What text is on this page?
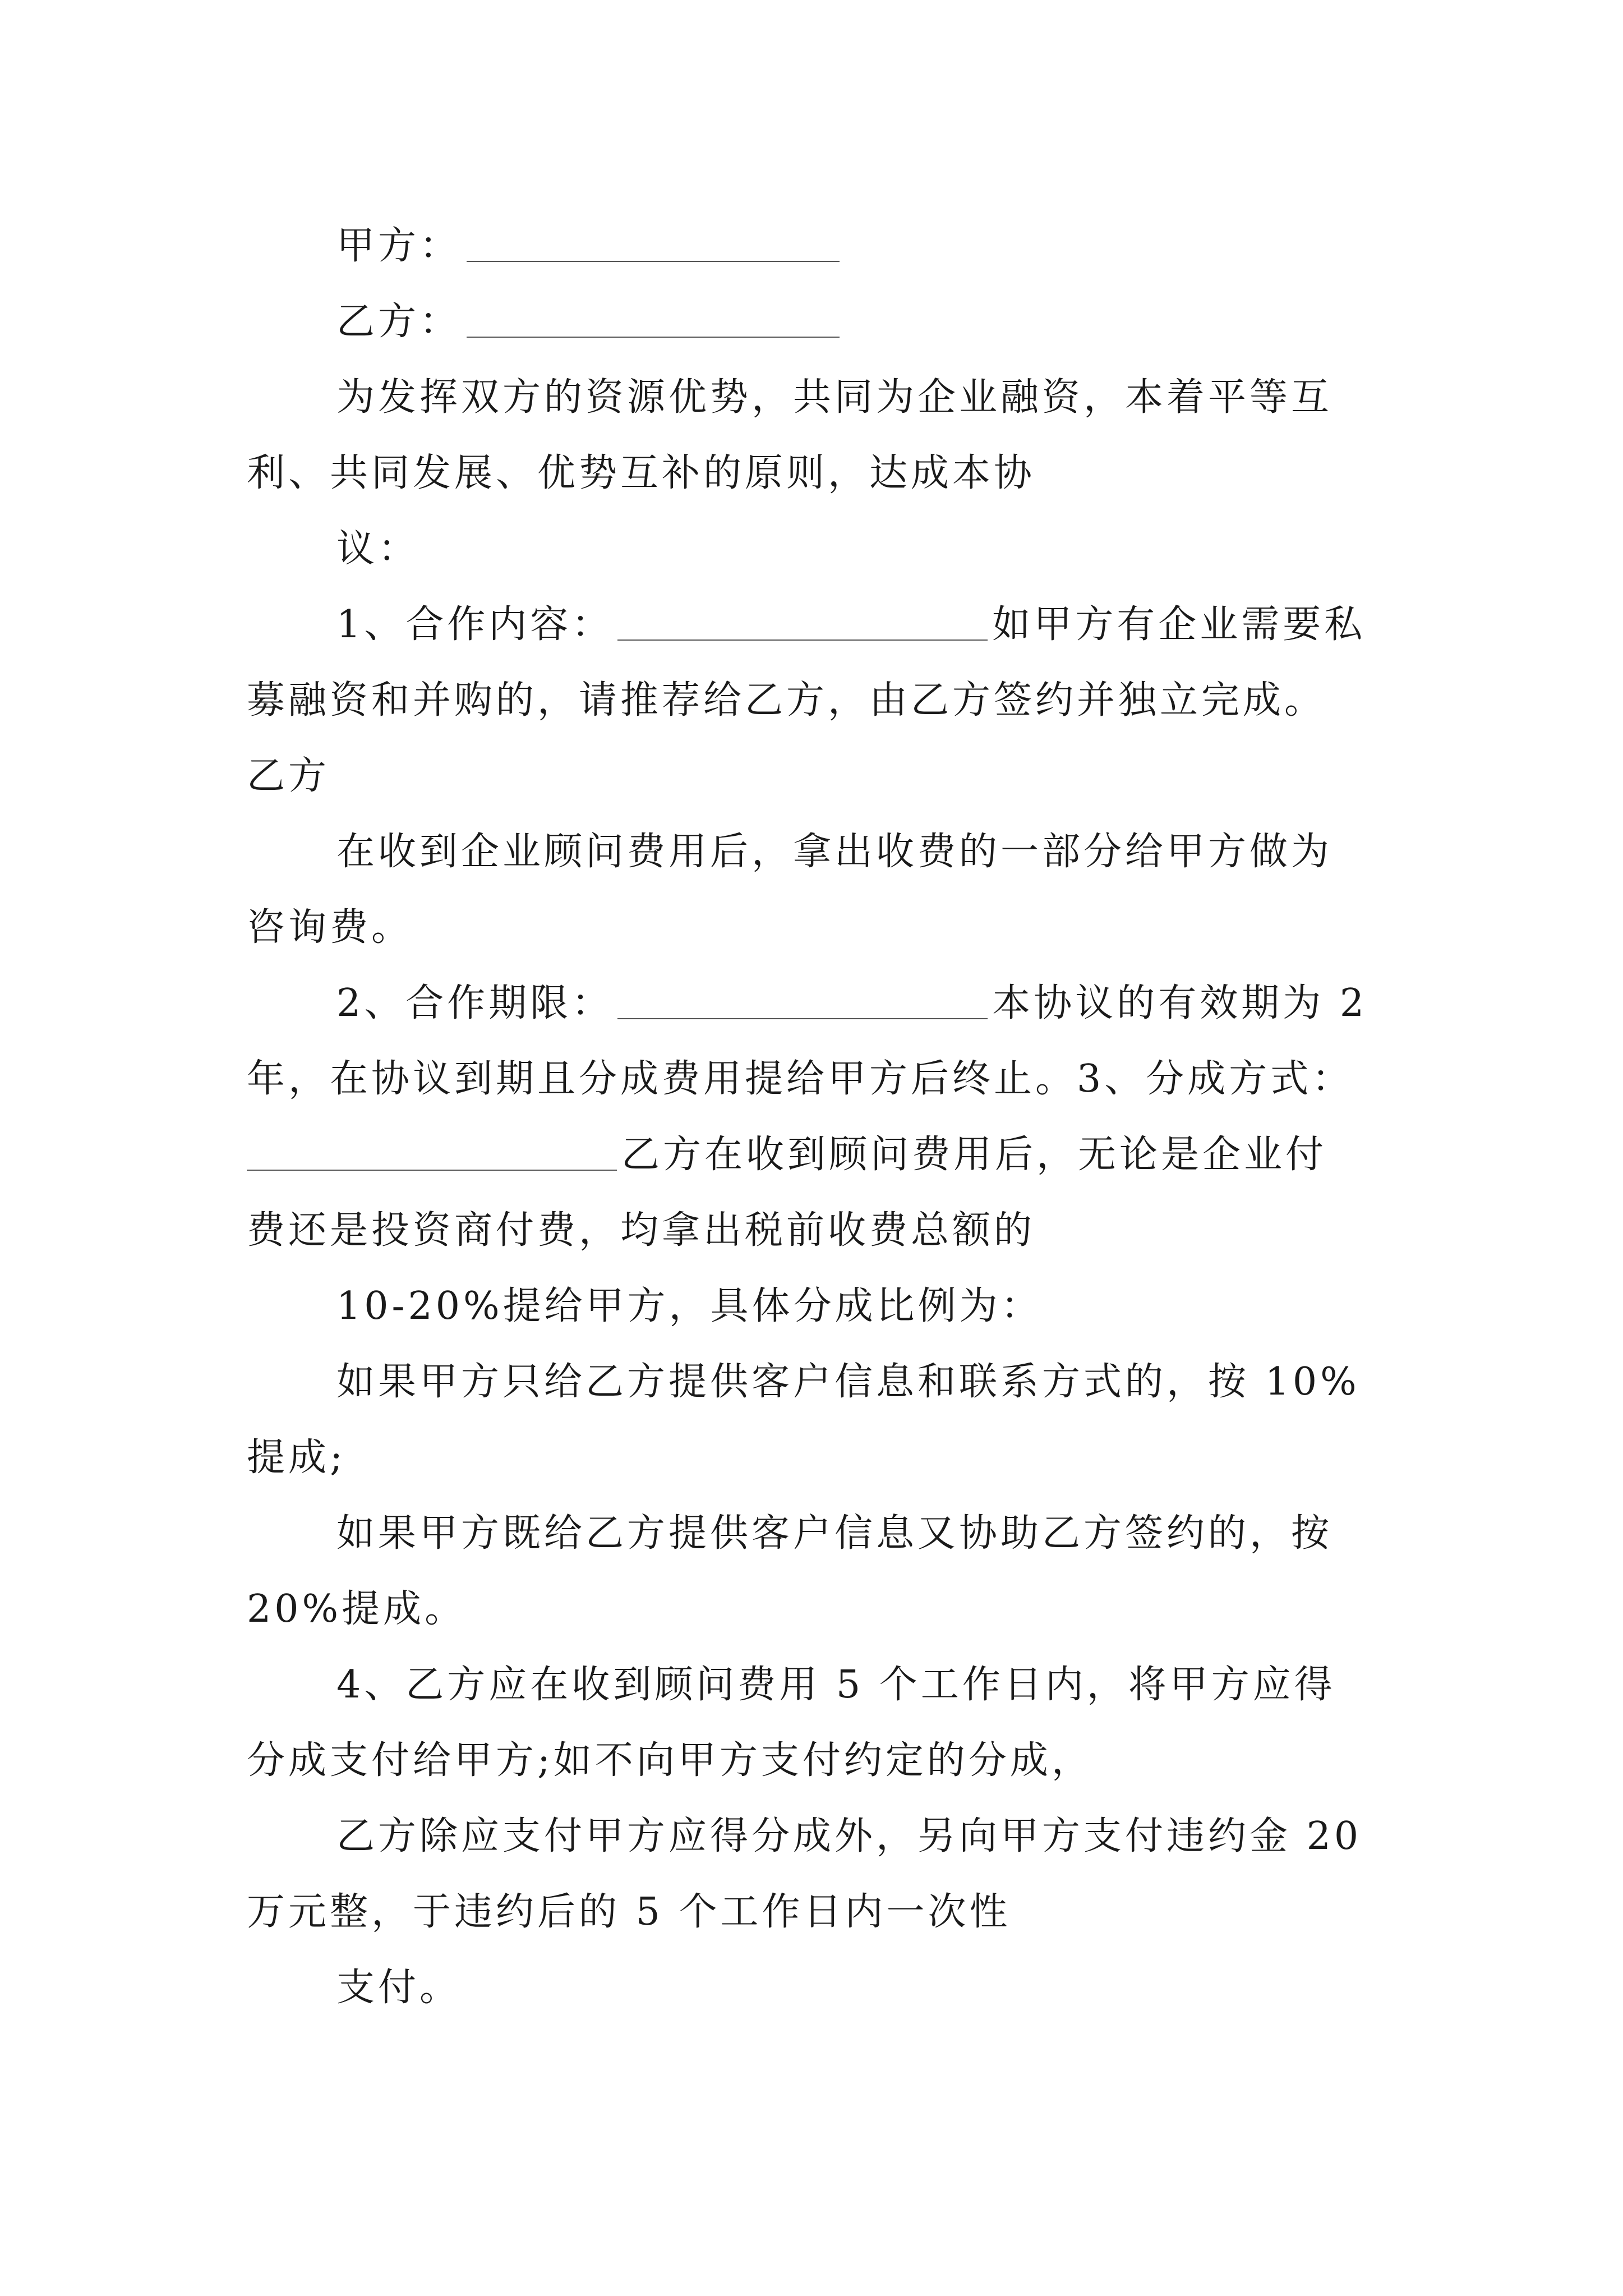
甲方：
乙方：
为发挥双方的资源优势，共同为企业融资，本着平等互
利、共同发展、优势互补的原则，达成本协
议：
1、合作内容：	如甲方有企业需要私
募融资和并购的，请推荐给乙方，由乙方签约并独立完成。
乙方
在收到企业顾问费用后，拿出收费的一部分给甲方做为
咨询费。
2、合作期限：	本协议的有效期为 2
年，在协议到期且分成费用提给甲方后终止。3、分成方式：
乙方在收到顾问费用后，无论是企业付
费还是投资商付费，均拿出税前收费总额的
10-20%提给甲方，具体分成比例为：
如果甲方只给乙方提供客户信息和联系方式的，按 10%
提成;
如果甲方既给乙方提供客户信息又协助乙方签约的，按
20%提成。
4、乙方应在收到顾问费用 5 个工作日内，将甲方应得
分成支付给甲方;如不向甲方支付约定的分成，
乙方除应支付甲方应得分成外，另向甲方支付违约金 20
万元整，于违约后的 5 个工作日内一次性
支付。
